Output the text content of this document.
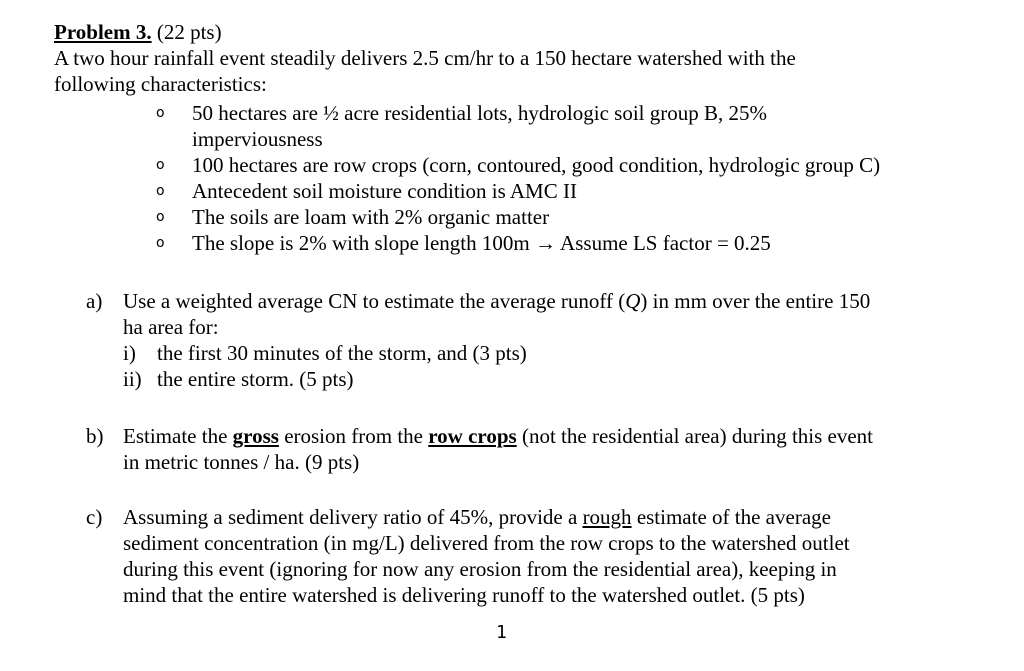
Problem 3. (22 pts)
A two hour rainfall event steadily delivers 2.5 cm/hr to a 150 hectare watershed with the
following characteristics:
o	50 hectares are ½ acre residential lots, hydrologic soil group B, 25%
imperviousness
o	100 hectares are row crops (corn, contoured, good condition, hydrologic group C)
o	Antecedent soil moisture condition is AMC II
o	The soils are loam with 2% organic matter
o	The slope is 2% with slope length 100m → Assume LS factor = 0.25
a) Use a weighted average CN to estimate the average runoff (Q) in mm over the entire 150
ha area for:
i) the first 30 minutes of the storm, and (3 pts)
ii) the entire storm. (5 pts)
b) Estimate the gross erosion from the row crops (not the residential area) during this event
in metric tonnes / ha. (9 pts)
c) Assuming a sediment delivery ratio of 45%, provide a rough estimate of the average
sediment concentration (in mg/L) delivered from the row crops to the watershed outlet
during this event (ignoring for now any erosion from the residential area), keeping in
mind that the entire watershed is delivering runoff to the watershed outlet. (5 pts)
1
